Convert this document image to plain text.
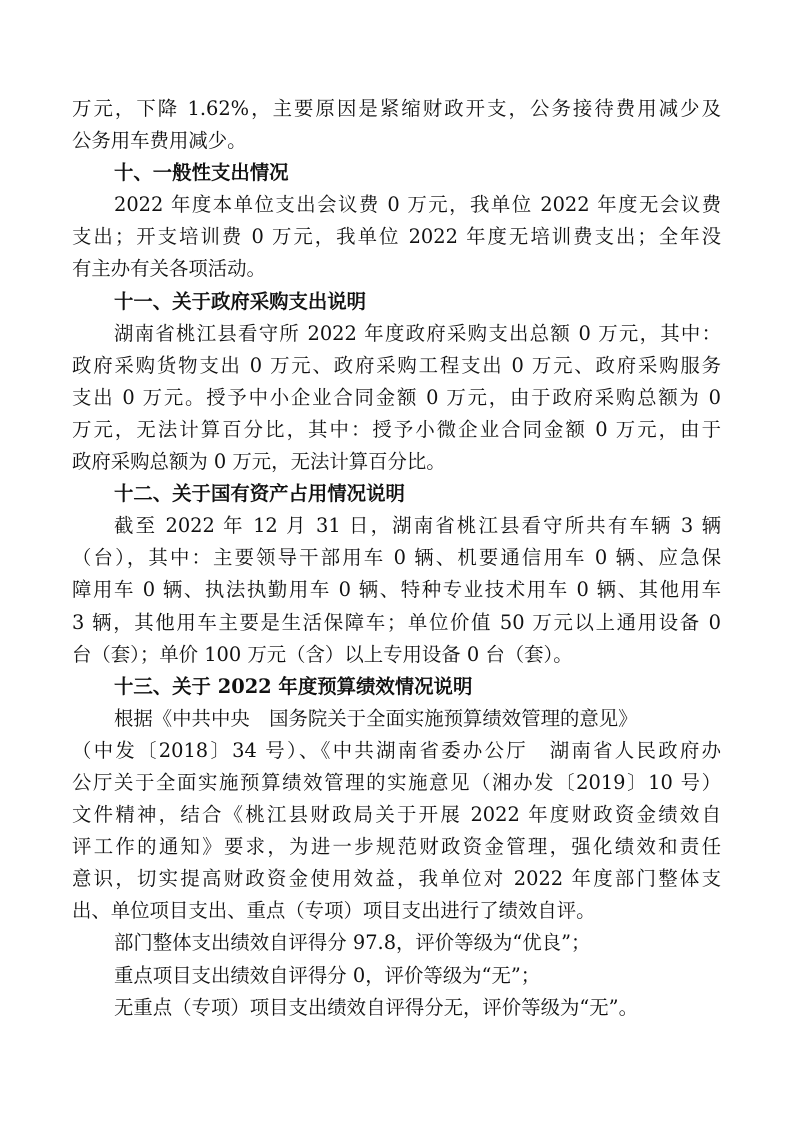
万元，下降 1.62%，主要原因是紧缩财政开支，公务接待费用减少及
公务用车费用减少。
十、一般性支出情况
2022 年度本单位支出会议费 0 万元，我单位 2022 年度无会议费
支出；开支培训费 0 万元，我单位 2022 年度无培训费支出；全年没
有主办有关各项活动。
十一、关于政府采购支出说明
湖南省桃江县看守所 2022 年度政府采购支出总额 0 万元，其中：
政府采购货物支出 0 万元、政府采购工程支出 0 万元、政府采购服务
支出 0 万元。授予中小企业合同金额 0 万元，由于政府采购总额为 0
万元，无法计算百分比，其中：授予小微企业合同金额 0 万元，由于
政府采购总额为 0 万元，无法计算百分比。
十二、关于国有资产占用情况说明
截至 2022 年 12 月 31 日，湖南省桃江县看守所共有车辆 3 辆
（台），其中：主要领导干部用车 0 辆、机要通信用车 0 辆、应急保
障用车 0 辆、执法执勤用车 0 辆、特种专业技术用车 0 辆、其他用车
3 辆，其他用车主要是生活保障车；单位价值 50 万元以上通用设备 0
台（套）；单价 100 万元（含）以上专用设备 0 台（套）。
十三、关于 2022 年度预算绩效情况说明
根据《中共中央　国务院关于全面实施预算绩效管理的意见》
（中发〔2018〕34 号）、《中共湖南省委办公厅　湖南省人民政府办
公厅关于全面实施预算绩效管理的实施意见（湘办发〔2019〕10 号）
文件精神，结合《桃江县财政局关于开展 2022 年度财政资金绩效自
评工作的通知》要求，为进一步规范财政资金管理，强化绩效和责任
意识，切实提高财政资金使用效益，我单位对 2022 年度部门整体支
出、单位项目支出、重点（专项）项目支出进行了绩效自评。
部门整体支出绩效自评得分 97.8，评价等级为“优良”；
重点项目支出绩效自评得分 0，评价等级为“无”；
无重点（专项）项目支出绩效自评得分无，评价等级为“无”。
